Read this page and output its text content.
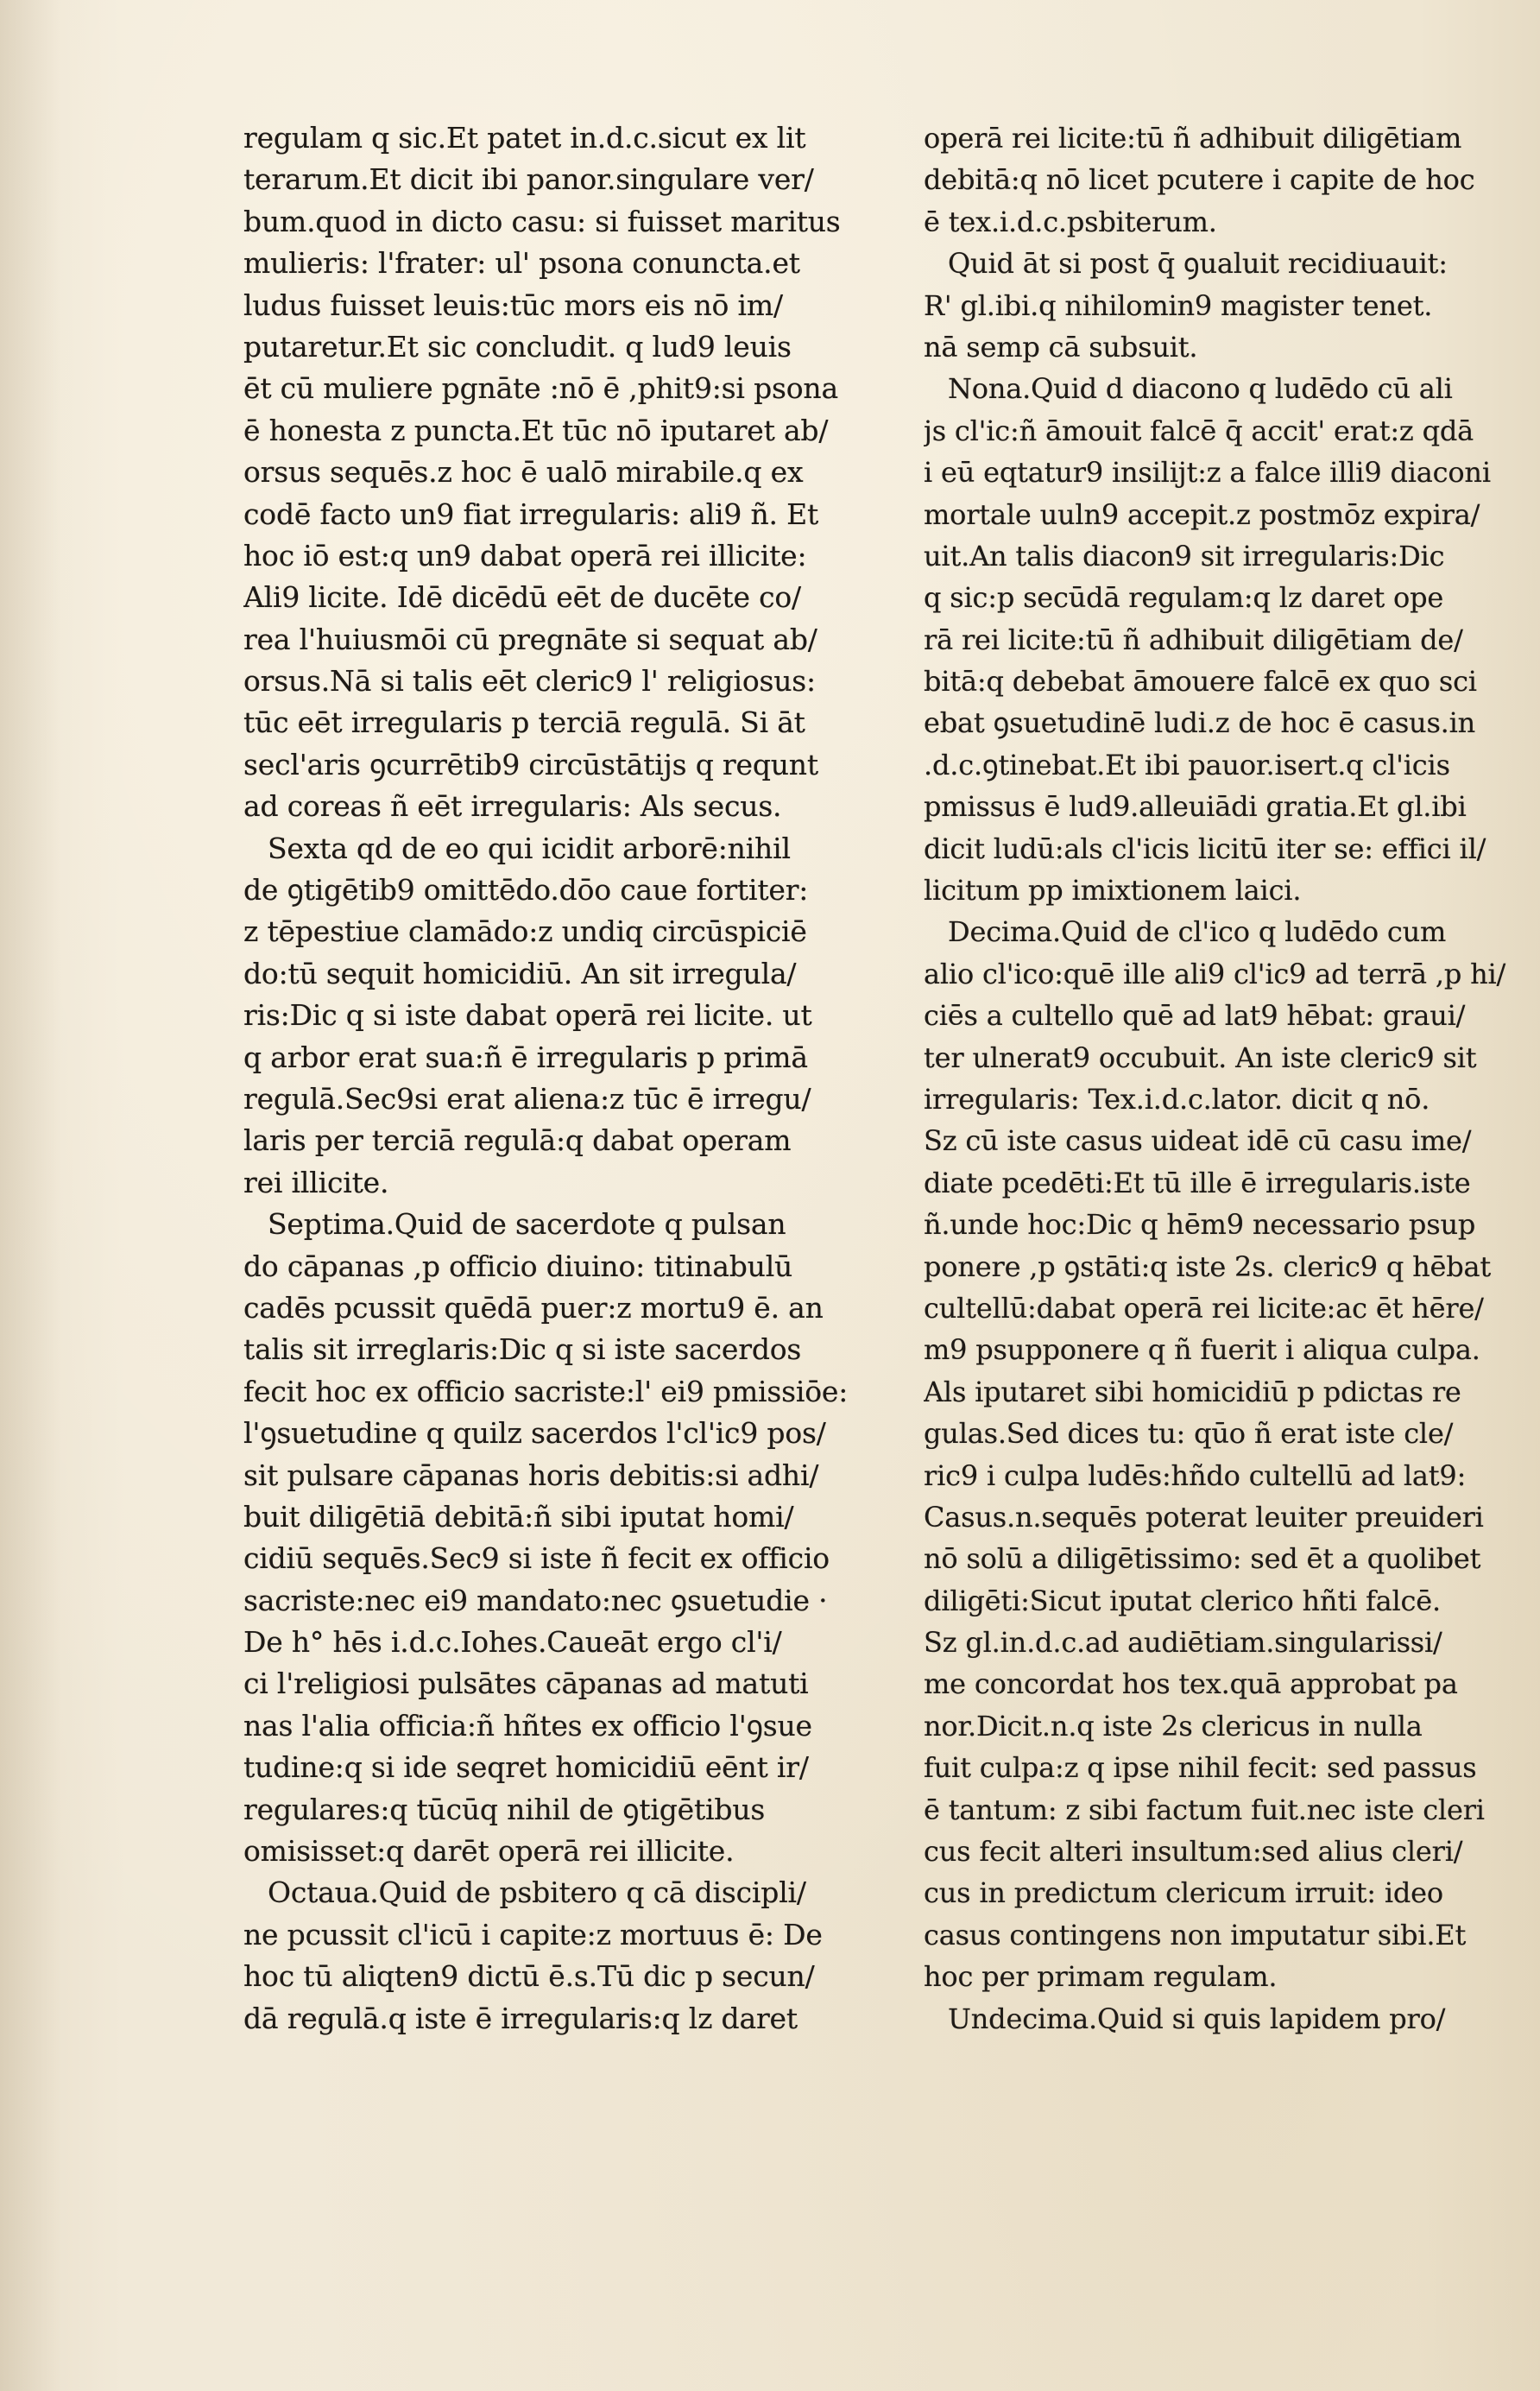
regulam q sic.Et patet in.d.c.sicut ex lit
terarum.Et dicit ibi panor.singulare ver/
bum.quod in dicto casu: si fuisset maritus
mulieris: l'frater: ul' psona conuncta.et
ludus fuisset leuis:tūc mors eis nō im/
putaretur.Et sic concludit. q lud9 leuis
ēt cū muliere pgnāte :nō ē ,phit9:si psona
ē honesta z puncta.Et tūc nō iputaret ab/
orsus sequēs.z hoc ē ualō mirabile.q ex
codē facto un9 fiat irregularis: ali9 ñ. Et
hoc iō est:q un9 dabat operā rei illicite:
Ali9 licite. Idē dicēdū eēt de ducēte co/
rea l'huiusmōi cū pregnāte si sequat ab/
orsus.Nā si talis eēt cleric9 l' religiosus:
tūc eēt irregularis p terciā regulā. Si āt
secl'aris ꝯcurrētib9 circūstātijs q requnt
ad coreas ñ eēt irregularis: Als secus.
Sexta qd de eo qui icidit arborē:nihil
de ꝯtigētib9 omittēdo.dōo caue fortiter:
z tēpestiue clamādo:z undiq circūspiciē
do:tū sequit homicidiū. An sit irregula/
ris:Dic q si iste dabat operā rei licite. ut
q arbor erat sua:ñ ē irregularis p primā
regulā.Sec9si erat aliena:z tūc ē irregu/
laris per terciā regulā:q dabat operam
rei illicite.
Septima.Quid de sacerdote q pulsan
do cāpanas ,p officio diuino: titinabulū
cadēs pcussit quēdā puer:z mortu9 ē. an
talis sit irreglaris:Dic q si iste sacerdos
fecit hoc ex officio sacriste:l' ei9 pmissiōe:
l'ꝯsuetudine q quilz sacerdos l'cl'ic9 pos/
sit pulsare cāpanas horis debitis:si adhi/
buit diligētiā debitā:ñ sibi iputat homi/
cidiū sequēs.Sec9 si iste ñ fecit ex officio
sacriste:nec ei9 mandato:nec ꝯsuetudie ·
De h° hēs i.d.c.Iohes.Caueāt ergo cl'i/
ci l'religiosi pulsātes cāpanas ad matuti
nas l'alia officia:ñ hñtes ex officio l'ꝯsue
tudine:q si ide seqret homicidiū eēnt ir/
regulares:q tūcūq nihil de ꝯtigētibus
omisisset:q darēt operā rei illicite.
Octaua.Quid de psbitero q cā discipli/
ne pcussit cl'icū i capite:z mortuus ē: De
hoc tū aliqten9 dictū ē.s.Tū dic p secun/
dā regulā.q iste ē irregularis:q lz daret
operā rei licite:tū ñ adhibuit diligētiam
debitā:q nō licet pcutere i capite de hoc
ē tex.i.d.c.psbiterum.
Quid āt si post q̄ ꝯualuit recidiuauit:
R' gl.ibi.q nihilomin9 magister tenet.
nā semp cā subsuit.
Nona.Quid d diacono q ludēdo cū ali
js cl'ic:ñ āmouit falcē q̄ accit' erat:z qdā
i eū eqtatur9 insilijt:z a falce illi9 diaconi
mortale uuln9 accepit.z postmōz expira/
uit.An talis diacon9 sit irregularis:Dic
q sic:p secūdā regulam:q lz daret ope
rā rei licite:tū ñ adhibuit diligētiam de/
bitā:q debebat āmouere falcē ex quo sci
ebat ꝯsuetudinē ludi.z de hoc ē casus.in
.d.c.ꝯtinebat.Et ibi pauor.isert.q cl'icis
pmissus ē lud9.alleuiādi gratia.Et gl.ibi
dicit ludū:als cl'icis licitū iter se: effici il/
licitum pp imixtionem laici.
Decima.Quid de cl'ico q ludēdo cum
alio cl'ico:quē ille ali9 cl'ic9 ad terrā ,p hi/
ciēs a cultello quē ad lat9 hēbat: graui/
ter ulnerat9 occubuit. An iste cleric9 sit
irregularis: Tex.i.d.c.lator. dicit q nō.
Sz cū iste casus uideat idē cū casu ime/
diate pcedēti:Et tū ille ē irregularis.iste
ñ.unde hoc:Dic q hēm9 necessario psup
ponere ,p ꝯstāti:q iste 2s. cleric9 q hēbat
cultellū:dabat operā rei licite:ac ēt hēre/
m9 psupponere q ñ fuerit i aliqua culpa.
Als iputaret sibi homicidiū p pdictas re
gulas.Sed dices tu: qūo ñ erat iste cle/
ric9 i culpa ludēs:hñdo cultellū ad lat9:
Casus.n.sequēs poterat leuiter preuideri
nō solū a diligētissimo: sed ēt a quolibet
diligēti:Sicut iputat clerico hñti falcē.
Sz gl.in.d.c.ad audiētiam.singularissi/
me concordat hos tex.quā approbat pa
nor.Dicit.n.q iste 2s clericus in nulla
fuit culpa:z q ipse nihil fecit: sed passus
ē tantum: z sibi factum fuit.nec iste cleri
cus fecit alteri insultum:sed alius cleri/
cus in predictum clericum irruit: ideo
casus contingens non imputatur sibi.Et
hoc per primam regulam.
Undecima.Quid si quis lapidem pro/
